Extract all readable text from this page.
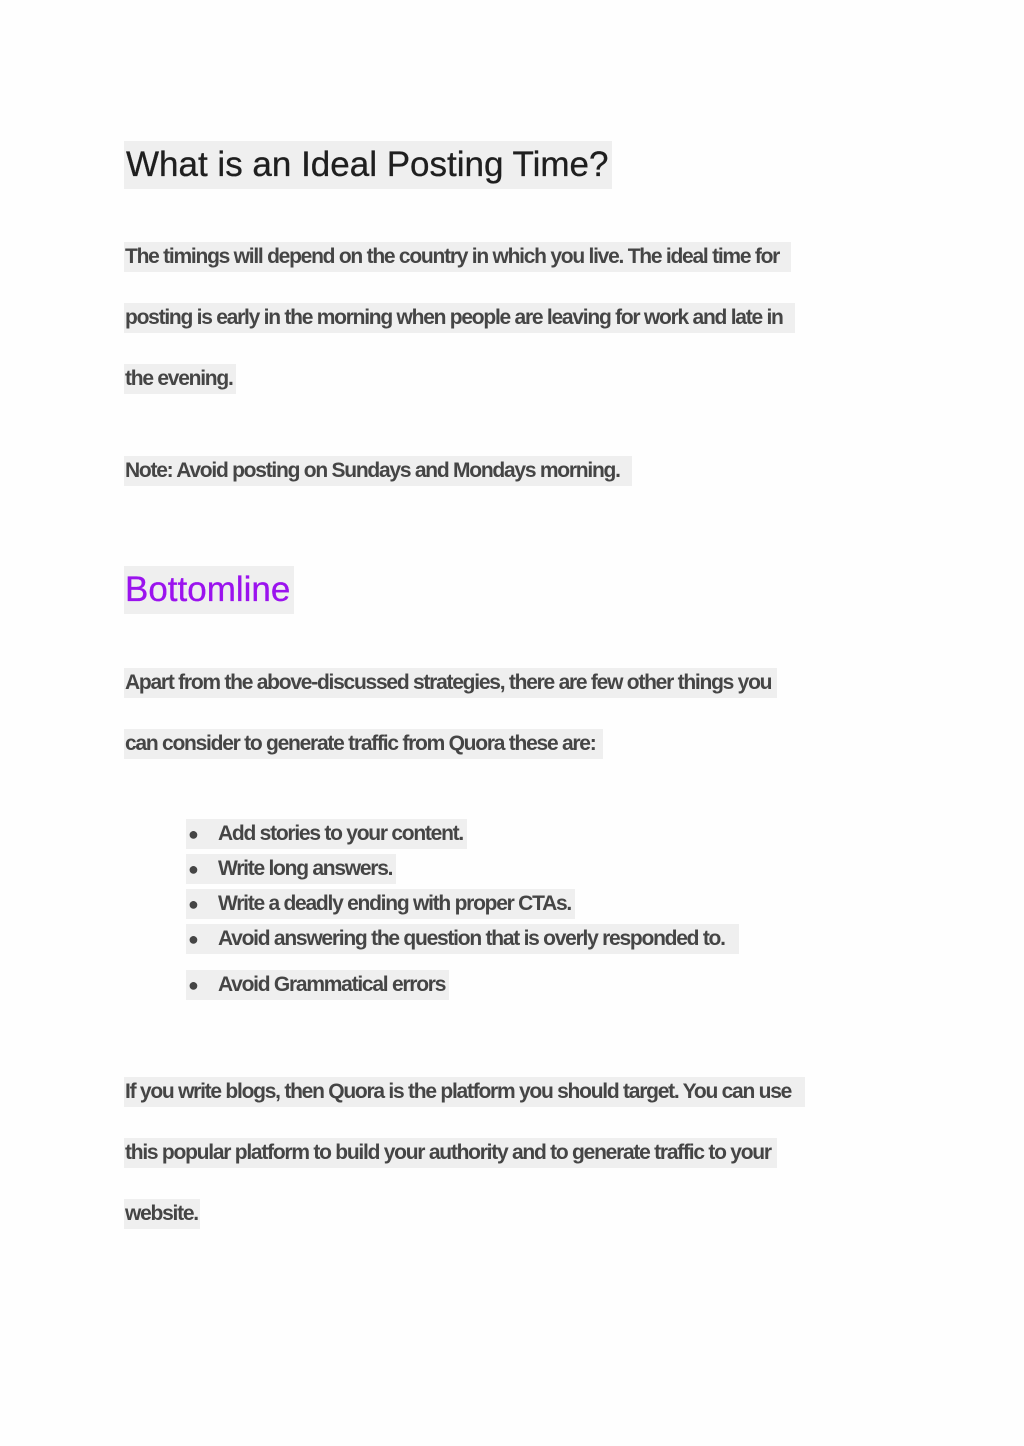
What is an Ideal Posting Time?
The timings will depend on the country in which you live. The ideal time for
posting is early in the morning when people are leaving for work and late in
the evening.
Note: Avoid posting on Sundays and Mondays morning.
Bottomline
Apart from the above-discussed strategies, there are few other things you
can consider to generate traffic from Quora these are:
● Add stories to your content.
● Write long answers.
● Write a deadly ending with proper CTAs.
● Avoid answering the question that is overly responded to.
● Avoid Grammatical errors
If you write blogs, then Quora is the platform you should target. You can use
this popular platform to build your authority and to generate traffic to your
website.
